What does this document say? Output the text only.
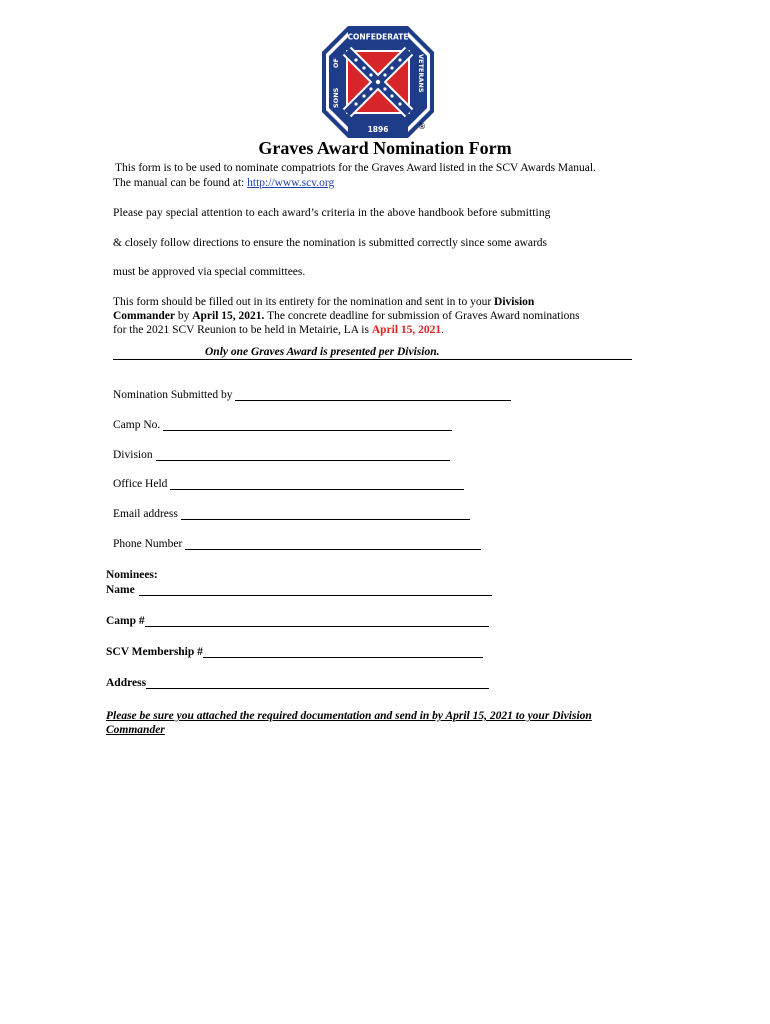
CONFEDERATE
1896
SONS
OF	VETERANS
®
Graves Award Nomination Form
This form is to be used to nominate compatriots for the Graves Award listed in the SCV Awards Manual.
The manual can be found at: http://www.scv.org
Please pay special attention to each award’s criteria in the above handbook before submitting
& closely follow directions to ensure the nomination is submitted correctly since some awards
must be approved via special committees.
This form should be filled out in its entirety for the nomination and sent in to your Division
Commander by April 15, 2021. The concrete deadline for submission of Graves Award nominations
for the 2021 SCV Reunion to be held in Metairie, LA is April 15, 2021.
Only one Graves Award is presented per Division.
Nomination Submitted by
Camp No.
Division
Office Held
Email address
Phone Number
Nominees:
Name
Camp #
SCV Membership #
Address
Please be sure you attached the required documentation and send in by April 15, 2021 to your Division
Commander
